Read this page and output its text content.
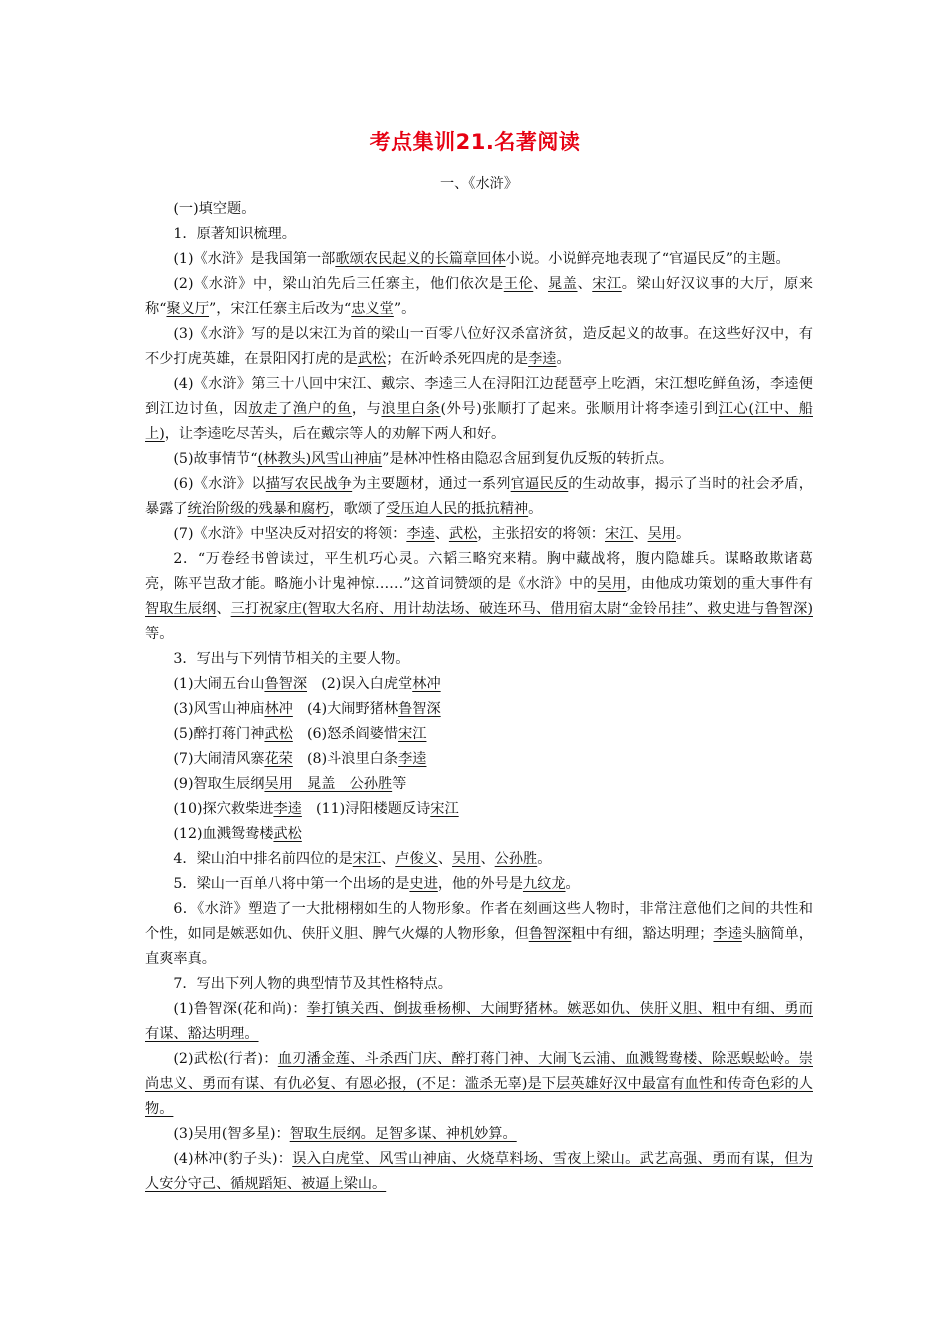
考点集训21.名著阅读

一、《水浒》

(一)填空题。

1．原著知识梳理。

(1)《水浒》是我国第一部歌颂农民起义的长篇章回体小说。小说鲜亮地表现了“官逼民反”的主题。

(2)《水浒》中，梁山泊先后三任寨主，他们依次是王伦、晁盖、宋江。梁山好汉议事的大厅，原来称“聚义厅”，宋江任寨主后改为“忠义堂”。

(3)《水浒》写的是以宋江为首的梁山一百零八位好汉杀富济贫，造反起义的故事。在这些好汉中，有不少打虎英雄，在景阳冈打虎的是武松；在沂岭杀死四虎的是李逵。

(4)《水浒》第三十八回中宋江、戴宗、李逵三人在浔阳江边琵琶亭上吃酒，宋江想吃鲜鱼汤，李逵便到江边讨鱼，因放走了渔户的鱼，与浪里白条(外号)张顺打了起来。张顺用计将李逵引到江心(江中、船上)，让李逵吃尽苦头，后在戴宗等人的劝解下两人和好。

(5)故事情节“(林教头)风雪山神庙”是林冲性格由隐忍含屈到复仇反叛的转折点。

(6)《水浒》以描写农民战争为主要题材，通过一系列官逼民反的生动故事，揭示了当时的社会矛盾，暴露了统治阶级的残暴和腐朽，歌颂了受压迫人民的抵抗精神。

(7)《水浒》中坚决反对招安的将领：李逵、武松，主张招安的将领：宋江、吴用。

2．“万卷经书曾读过，平生机巧心灵。六韬三略究来精。胸中藏战将，腹内隐雄兵。谋略敢欺诸葛亮，陈平岂敌才能。略施小计鬼神惊……”这首词赞颂的是《水浒》中的吴用，由他成功策划的重大事件有智取生辰纲、三打祝家庄(智取大名府、用计劫法场、破连环马、借用宿太尉“金铃吊挂”、救史进与鲁智深)等。

3．写出与下列情节相关的主要人物。

(1)大闹五台山鲁智深　(2)误入白虎堂林冲

(3)风雪山神庙林冲　(4)大闹野猪林鲁智深

(5)醉打蒋门神武松　(6)怒杀阎婆惜宋江

(7)大闹清风寨花荣　(8)斗浪里白条李逵

(9)智取生辰纲吴用　晁盖　公孙胜等

(10)探穴救柴进李逵　(11)浔阳楼题反诗宋江

(12)血溅鸳鸯楼武松

4．梁山泊中排名前四位的是宋江、卢俊义、吴用、公孙胜。

5．梁山一百单八将中第一个出场的是史进，他的外号是九纹龙。

6．《水浒》塑造了一大批栩栩如生的人物形象。作者在刻画这些人物时，非常注意他们之间的共性和个性，如同是嫉恶如仇、侠肝义胆、脾气火爆的人物形象，但鲁智深粗中有细，豁达明理；李逵头脑简单，直爽率真。

7．写出下列人物的典型情节及其性格特点。

(1)鲁智深(花和尚)：拳打镇关西、倒拔垂杨柳、大闹野猪林。嫉恶如仇、侠肝义胆、粗中有细、勇而有谋、豁达明理。

(2)武松(行者)：血刃潘金莲、斗杀西门庆、醉打蒋门神、大闹飞云浦、血溅鸳鸯楼、除恶蜈蚣岭。崇尚忠义、勇而有谋、有仇必复、有恩必报，(不足：滥杀无辜)是下层英雄好汉中最富有血性和传奇色彩的人物。

(3)吴用(智多星)：智取生辰纲。足智多谋、神机妙算。

(4)林冲(豹子头)：误入白虎堂、风雪山神庙、火烧草料场、雪夜上梁山。武艺高强、勇而有谋，但为人安分守己、循规蹈矩、被逼上梁山。
